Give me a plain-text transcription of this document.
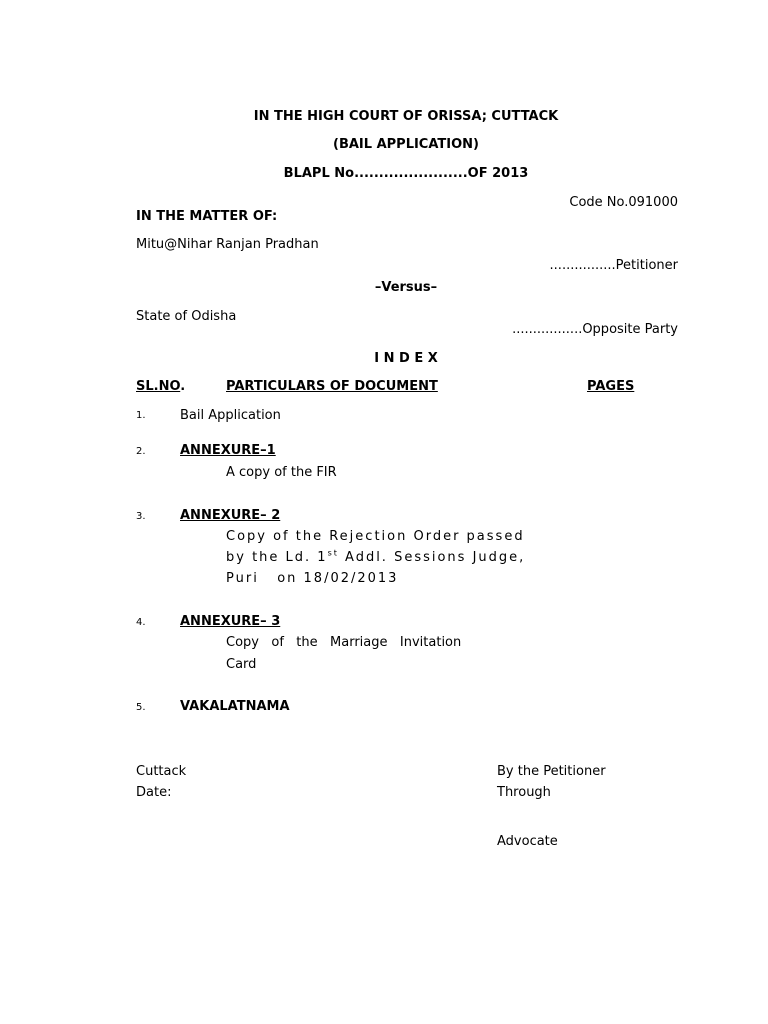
IN THE HIGH COURT OF ORISSA; CUTTACK
(BAIL APPLICATION)
BLAPL No.......................OF 2013
Code No.091000
IN THE MATTER OF:
Mitu@Nihar Ranjan Pradhan
................Petitioner
–Versus–
State of Odisha
.................Opposite Party
I N D E X
SL.NO.	PARTICULARS OF DOCUMENT	PAGES
1.	Bail Application
2.	ANNEXURE–1
A copy of the FIR
3.	ANNEXURE– 2
Copy of the Rejection Order passed
by the Ld. 1st Addl. Sessions Judge,
Puri   on 18/02/2013
4.	ANNEXURE– 3
Copy   of   the   Marriage   Invitation
Card
5.	VAKALATNAMA
Cuttack
Date:
By the Petitioner
Through
Advocate
